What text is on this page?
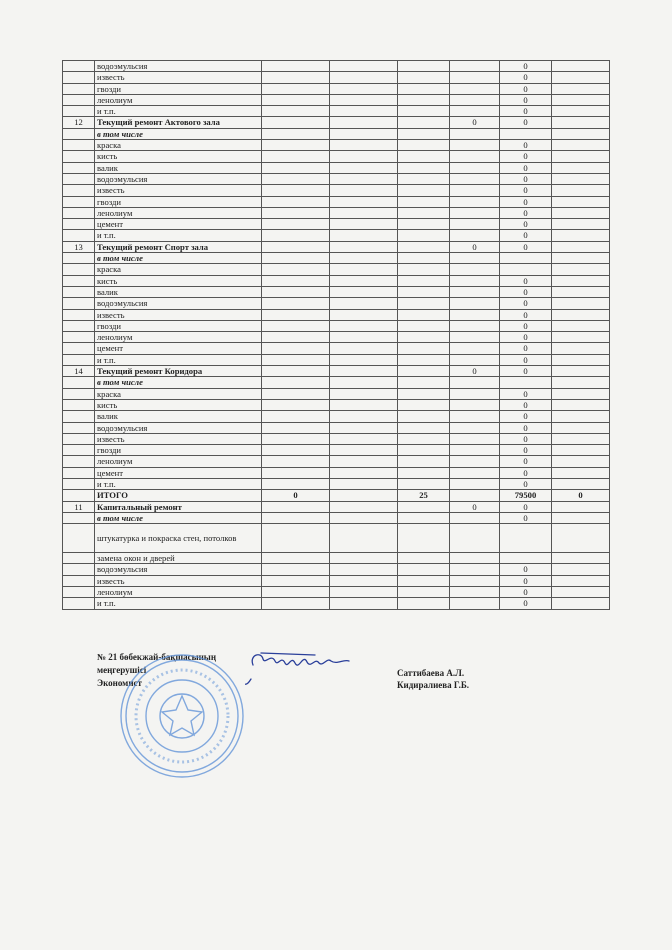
	водоэмульсия					0	
	известь					0	
	гвозди					0	
	ленолиум					0	
	и т.п.					0	
12	Текущий ремонт Актового зала				0	0	
	в том числе						
	краска					0	
	кисть					0	
	валик					0	
	водоэмульсия					0	
	известь					0	
	гвозди					0	
	ленолиум					0	
	цемент					0	
	и т.п.					0	
13	Текущий ремонт Спорт зала				0	0	
	в том числе						
	краска						
	кисть					0	
	валик					0	
	водоэмульсия					0	
	известь					0	
	гвозди					0	
	ленолиум					0	
	цемент					0	
	и т.п.					0	
14	Текущий ремонт Коридора				0	0	
	в том числе						
	краска					0	
	кисть					0	
	валик					0	
	водоэмульсия					0	
	известь					0	
	гвозди					0	
	ленолиум					0	
	цемент					0	
	и т.п.					0	
	ИТОГО	0		25		79500	0
11	Капитальный ремонт				0	0	
	в том числе					0	
	штукатурка и покраска стен, потолков						
	замена окон и дверей						
	водоэмульсия					0	
	известь					0	
	ленолиум					0	
	и т.п.					0	
№ 21 бөбекжай-бақшасының
меңгерушісі
Экономист
Саттибаева А.Л.
Кидиралиева Г.Б.
